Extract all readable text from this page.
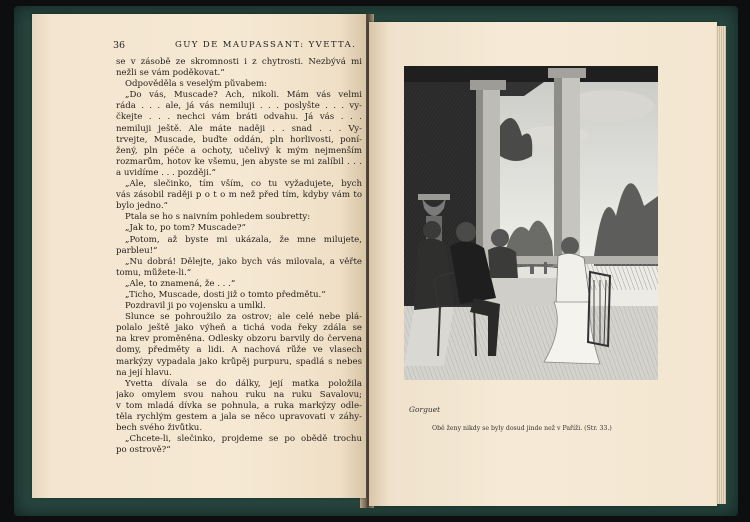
36	GUY DE MAUPASSANT: YVETTA.
se v zásobě ze skromnosti i z chytrosti. Nezbývá mi
nežli se vám poděkovat.“
Odpověděla s veselým půvabem:
„Do vás, Muscade? Ach, nikoli. Mám vás velmi
ráda . . . ale, já vás nemiluji . . . poslyšte . . . vy-
čkejte . . . nechci vám bráti odvahu. Já vás . . .
nemiluji ještě. Ale máte naději . . snad . . . Vy-
trvejte, Muscade, buďte oddán, pln horlivosti, poní-
žený, pln péče a ochoty, učelivý k mým nejmenším
rozmarům, hotov ke všemu, jen abyste se mi zalíbil . . .
a uvidíme . . . později.“
„Ale, slečinko, tím vším, co tu vyžadujete, bych
vás zásobil raději p o t o m než před tím, kdyby vám to
bylo jedno.“
Ptala se ho s naivním pohledem soubretty:
„Jak to, po tom? Muscade?“
„Potom, až byste mi ukázala, že mne milujete,
parbleu!“
„Nu dobrá! Dělejte, jako bych vás milovala, a věřte
tomu, můžete-li.“
„Ale, to znamená, že . . .“
„Ticho, Muscade, dosti již o tomto předmětu.“
Pozdravil ji po vojensku a umlkl.
Slunce se pohroužilo za ostrov; ale celé nebe plá-
polalo ještě jako výheň a tichá voda řeky zdála se
na krev proměněna. Odlesky obzoru barvily do červena
domy, předměty a lidi. A nachová růže ve vlasech
markýzy vypadala jako krůpěj purpuru, spadlá s nebes
na její hlavu.
Yvetta dívala se do dálky, její matka položila
jako omylem svou nahou ruku na ruku Savalovu;
v tom mladá dívka se pohnula, a ruka markýzy odle-
těla rychlým gestem a jala se něco upravovati v záhy-
bech svého živůtku.
„Chcete-li, slečinko, projdeme se po obědě trochu
po ostrově?“
Gorguet
Obě ženy nikdy se byly dosud jinde než v Paříži. (Str. 33.)
